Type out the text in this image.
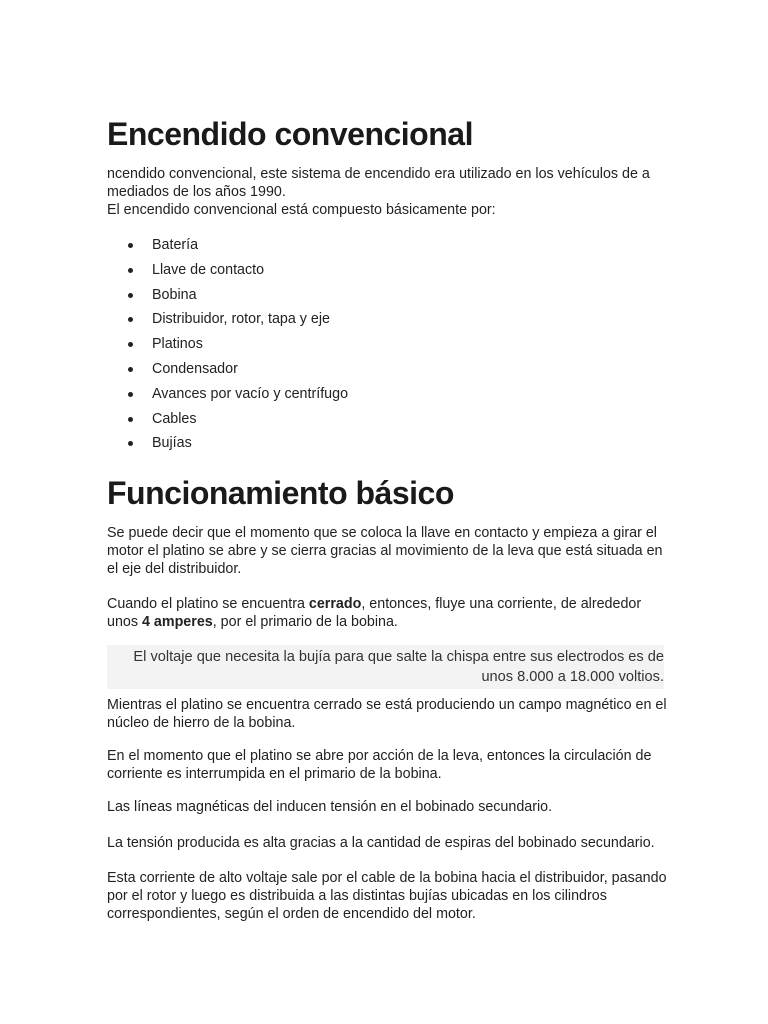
Encendido convencional

ncendido convencional, este sistema de encendido era utilizado en los vehículos de a mediados de los años 1990.

El encendido convencional está compuesto básicamente por:

Batería
Llave de contacto
Bobina
Distribuidor, rotor, tapa y eje
Platinos
Condensador
Avances por vacío y centrífugo
Cables
Bujías
Funcionamiento básico

Se puede decir que el momento que se coloca la llave en contacto y empieza a girar el motor el platino se abre y se cierra gracias al movimiento de la leva que está situada en el eje del distribuidor.

Cuando el platino se encuentra cerrado, entonces, fluye una corriente, de alrededor unos 4 amperes, por el primario de la bobina.

El voltaje que necesita la bujía para que salte la chispa entre sus electrodos es de unos 8.000 a 18.000 voltios.

Mientras el platino se encuentra cerrado se está produciendo un campo magnético en el núcleo de hierro de la bobina.

En el momento que el platino se abre por acción de la leva, entonces la circulación de corriente es interrumpida en el primario de la bobina.

Las líneas magnéticas del inducen tensión en el bobinado secundario.

La tensión producida es alta gracias a la cantidad de espiras del bobinado secundario.

Esta corriente de alto voltaje sale por el cable de la bobina hacia el distribuidor, pasando por el rotor y luego es distribuida a las distintas bujías ubicadas en los cilindros correspondientes, según el orden de encendido del motor.
